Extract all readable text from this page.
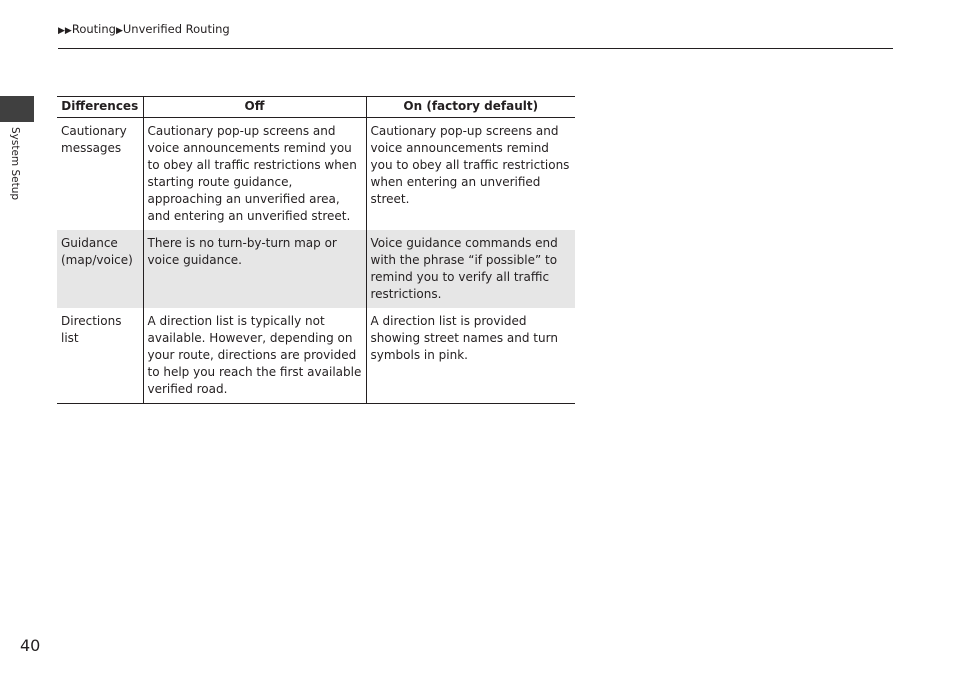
▶▶Routing▶Unverified Routing
System Setup
Differences	Off	On (factory default)
Cautionary messages	Cautionary pop-up screens and voice announcements remind you to obey all traffic restrictions when starting route guidance, approaching an unverified area, and entering an unverified street.	Cautionary pop-up screens and voice announcements remind you to obey all traffic restrictions when entering an unverified street.
Guidance (map/voice)	There is no turn-by-turn map or voice guidance.	Voice guidance commands end with the phrase “if possible” to remind you to verify all traffic restrictions.
Directions list	A direction list is typically not available. However, depending on your route, directions are provided to help you reach the first available verified road.	A direction list is provided showing street names and turn symbols in pink.
40
